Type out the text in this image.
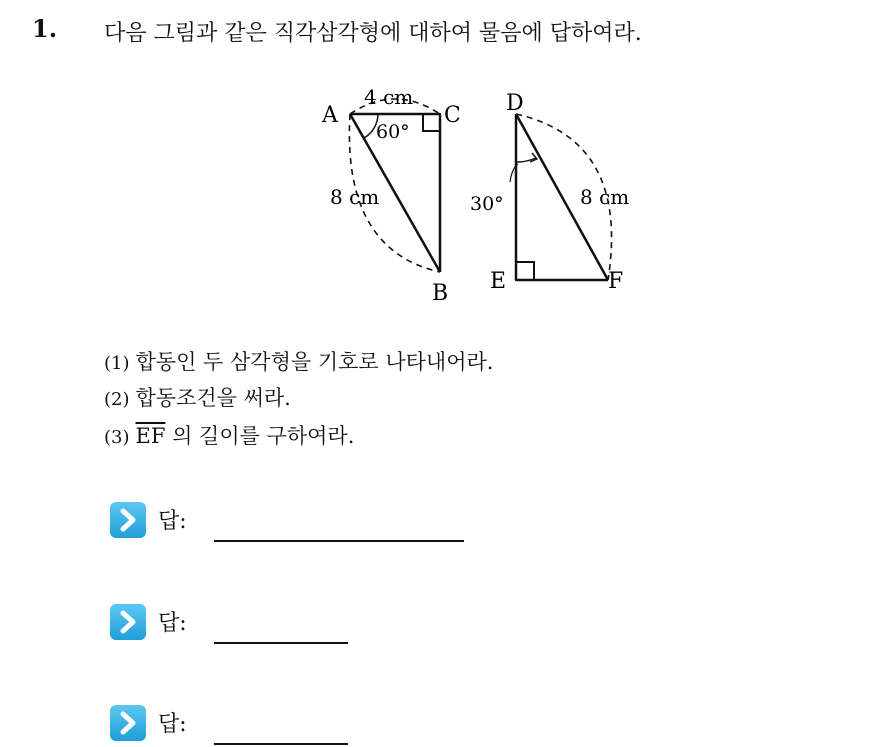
1. 다음 그림과 같은 직각삼각형에 대하여 물음에 답하여라.
A	C
B
D
E	F
4 cm
60°
8 cm	30°	8 cm
(1) 합동인 두 삼각형을 기호로 나타내어라.
(2) 합동조건을 써라.
(3) $\overline{EF}$ 의 길이를 구하여라.
답:
답:
답:
